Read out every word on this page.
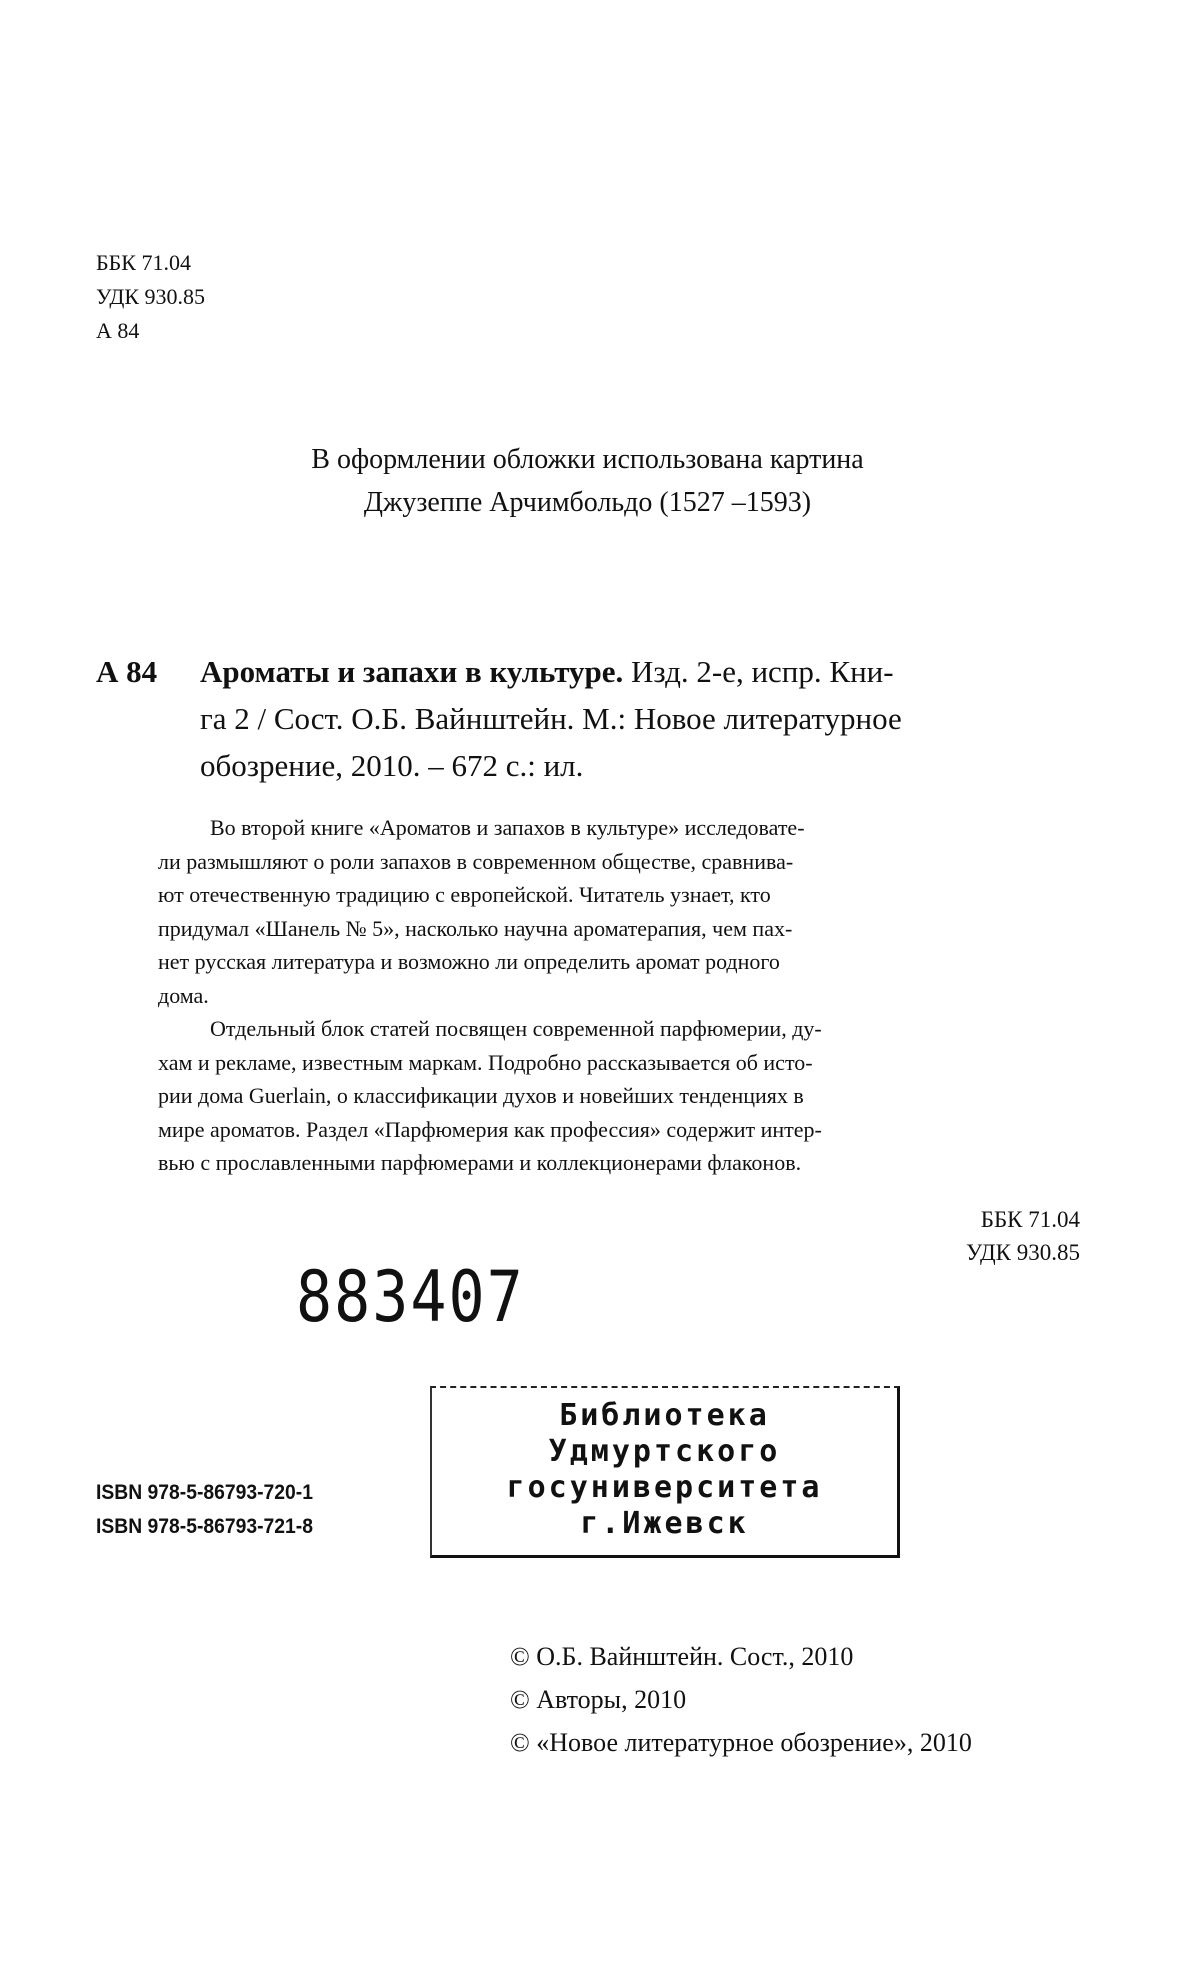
ББК 71.04
УДК 930.85
А 84
В оформлении обложки использована картина
Джузеппе Арчимбольдо (1527 –1593)
А 84 Ароматы и запахи в культуре. Изд. 2-е, испр. Кни-
га 2 / Сост. О.Б. Вайнштейн. М.: Новое литературное
обозрение, 2010. – 672 с.: ил.
Во второй книге «Ароматов и запахов в культуре» исследовате-
ли размышляют о роли запахов в современном обществе, сравнива-
ют отечественную традицию с европейской. Читатель узнает, кто
придумал «Шанель № 5», насколько научна ароматерапия, чем пах-
нет русская литература и возможно ли определить аромат родного
дома.
Отдельный блок статей посвящен современной парфюмерии, ду-
хам и рекламе, известным маркам. Подробно рассказывается об исто-
рии дома Guerlain, о классификации духов и новейших тенденциях в
мире ароматов. Раздел «Парфюмерия как профессия» содержит интер-
вью с прославленными парфюмерами и коллекционерами флаконов.
ББК 71.04
УДК 930.85
883407
ISBN 978-5-86793-720-1
ISBN 978-5-86793-721-8
Библиотека
Удмуртского
госуниверситета
г.Ижевск
© О.Б. Вайнштейн. Сост., 2010
© Авторы, 2010
© «Новое литературное обозрение», 2010
